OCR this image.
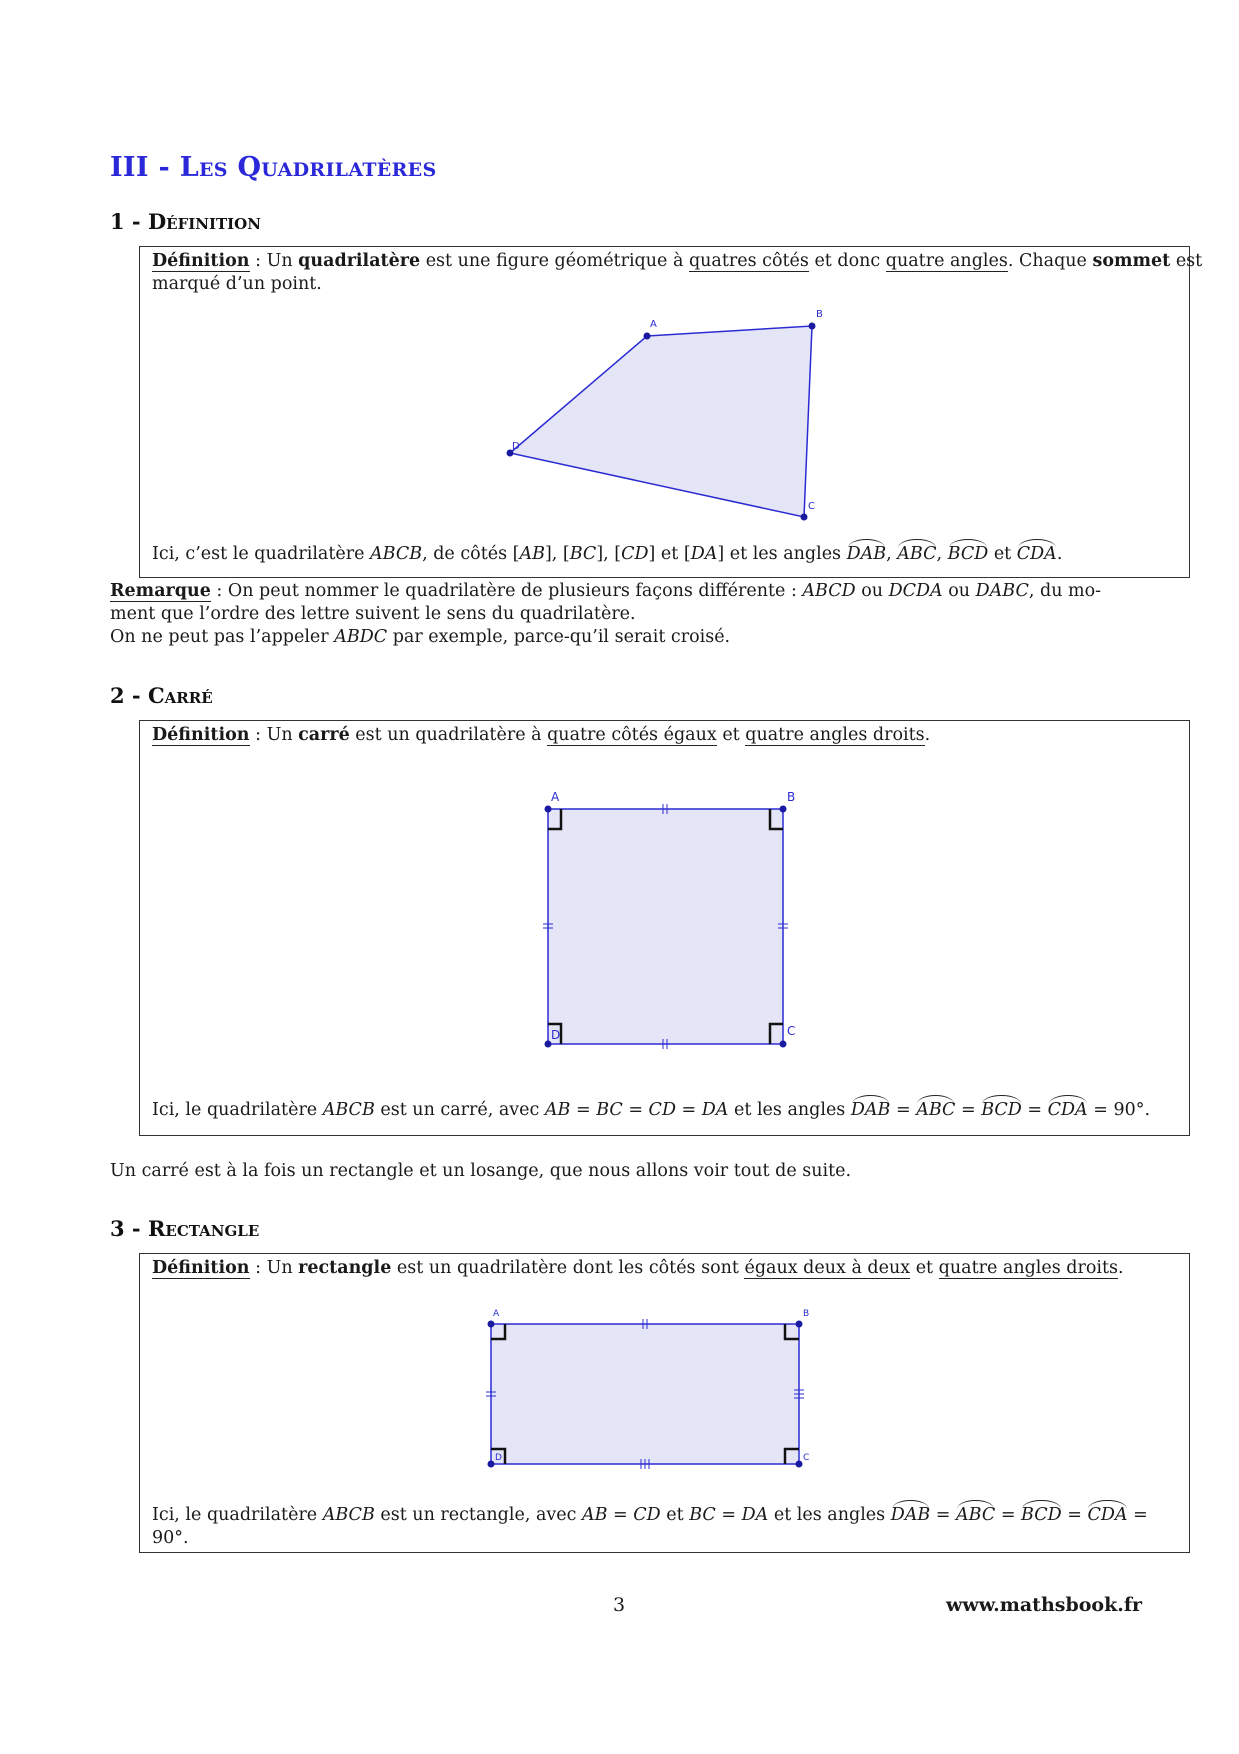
III - Les Quadrilatères
1 - Définition
Définition : Un quadrilatère est une figure géométrique à quatres côtés et donc quatre angles. Chaque sommet est
marqué d’un point.
A
B
C
D
Ici, c’est le quadrilatère ABCB, de côtés [AB], [BC], [CD] et [DA] et les angles DAB, ABC, BCD et CDA.
Remarque : On peut nommer le quadrilatère de plusieurs façons différente : ABCD ou DCDA ou DABC, du mo-
ment que l’ordre des lettre suivent le sens du quadrilatère.
On ne peut pas l’appeler ABDC par exemple, parce-qu’il serait croisé.
2 - Carré
Définition : Un carré est un quadrilatère à quatre côtés égaux et quatre angles droits.
A	B
C
D
Ici, le quadrilatère ABCB est un carré, avec AB = BC = CD = DA et les angles DAB = ABC = BCD = CDA = 90°.
Un carré est à la fois un rectangle et un losange, que nous allons voir tout de suite.
3 - Rectangle
Définition : Un rectangle est un quadrilatère dont les côtés sont égaux deux à deux et quatre angles droits.
A	B
C
D
Ici, le quadrilatère ABCB est un rectangle, avec AB = CD et BC = DA et les angles DAB = ABC = BCD = CDA =
90°.
3	www.mathsbook.fr
